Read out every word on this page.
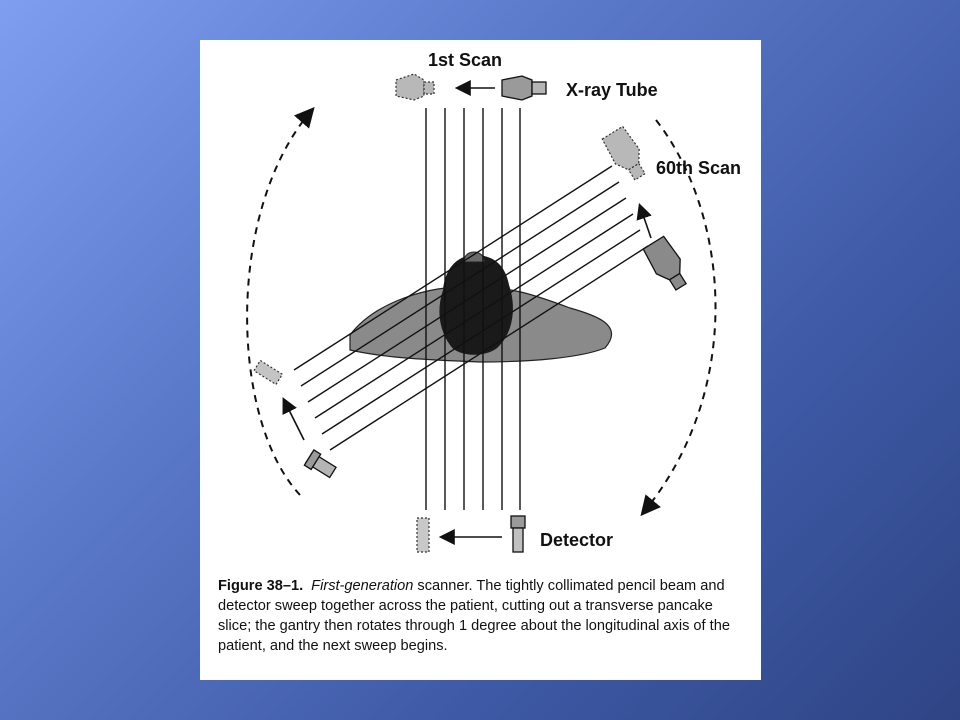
1st Scan
X-ray Tube
60th Scan
Detector
Figure 38–1. First-generation scanner. The tightly collimated pencil beam and detector sweep together across the patient, cutting out a transverse pancake slice; the gantry then rotates through 1 degree about the longitudinal axis of the patient, and the next sweep begins.
